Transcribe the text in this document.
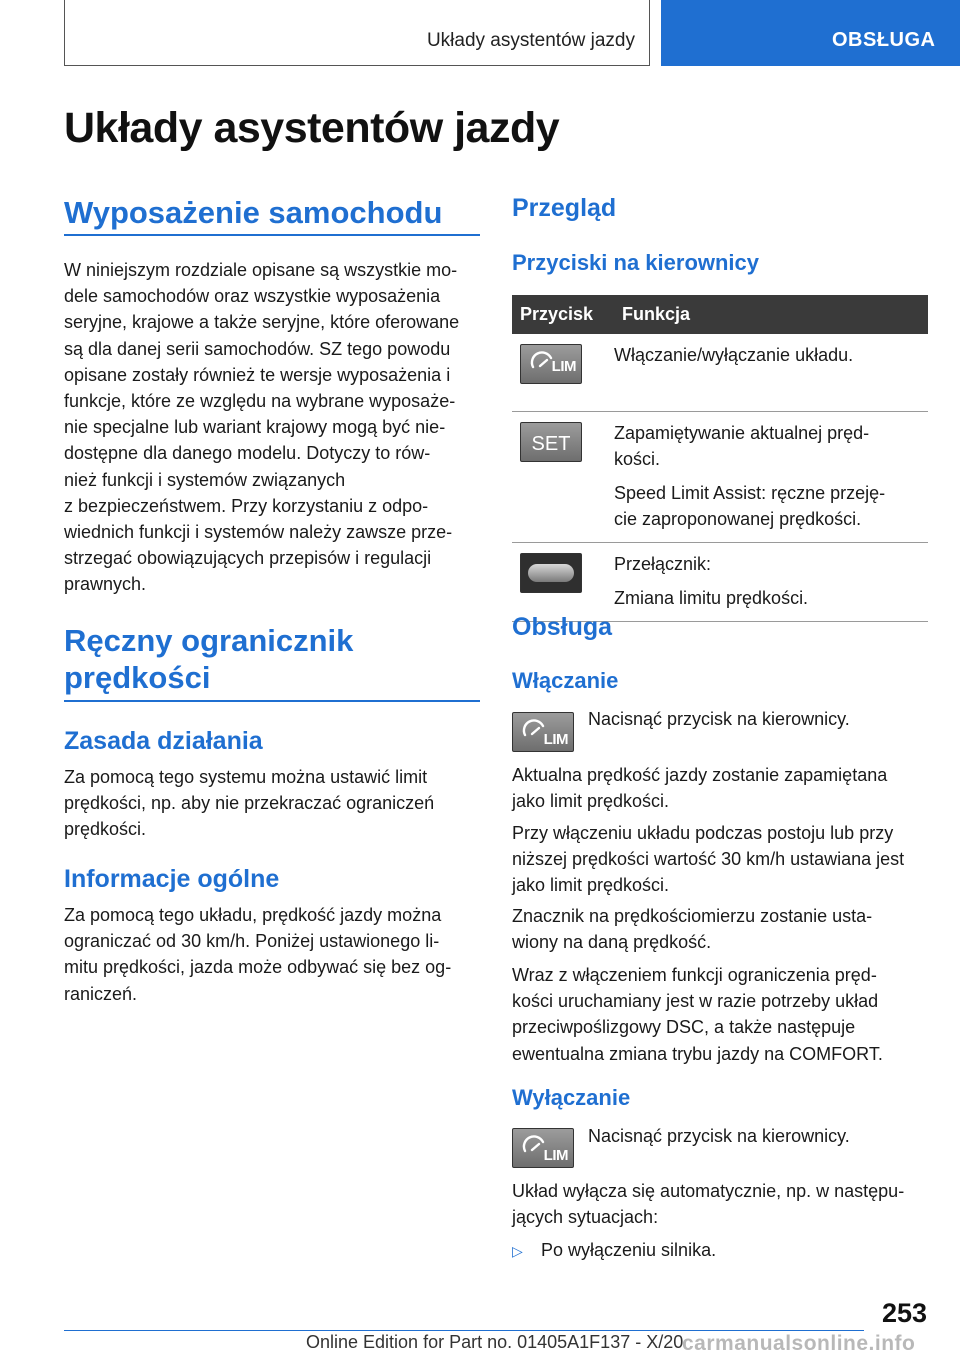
Układy asystentów jazdy	OBSŁUGA
Układy asystentów jazdy
Wyposażenie samochodu
W niniejszym rozdziale opisane są wszystkie mo-
dele samochodów oraz wszystkie wyposażenia
seryjne, krajowe a także seryjne, które oferowane
są dla danej serii samochodów. SZ tego powodu
opisane zostały również te wersje wyposażenia i
funkcje, które ze względu na wybrane wyposaże-
nie specjalne lub wariant krajowy mogą być nie-
dostępne dla danego modelu. Dotyczy to rów-
nież funkcji i systemów związanych
z bezpieczeństwem. Przy korzystaniu z odpo-
wiednich funkcji i systemów należy zawsze prze-
strzegać obowiązujących przepisów i regulacji
prawnych.
Ręczny ogranicznik
prędkości
Zasada działania
Za pomocą tego systemu można ustawić limit
prędkości, np. aby nie przekraczać ograniczeń
prędkości.
Informacje ogólne
Za pomocą tego układu, prędkość jazdy można
ograniczać od 30 km/h. Poniżej ustawionego li-
mitu prędkości, jazda może odbywać się bez og-
raniczeń.
Przegląd
Przyciski na kierownicy
Przycisk	Funkcja

LIM	Włączanie/wyłączanie układu.

SET	Zapamiętywanie aktualnej pręd-
kości.

Speed Limit Assist: ręczne przeję-
cie zaproponowanej prędkości.

	Przełącznik:

Zmiana limitu prędkości.

Obsługa
Włączanie
LIM
Nacisnąć przycisk na kierownicy.
Aktualna prędkość jazdy zostanie zapamiętana
jako limit prędkości.
Przy włączeniu układu podczas postoju lub przy
niższej prędkości wartość 30 km/h ustawiana jest
jako limit prędkości.
Znacznik na prędkościomierzu zostanie usta-
wiony na daną prędkość.
Wraz z włączeniem funkcji ograniczenia pręd-
kości uruchamiany jest w razie potrzeby układ
przeciwpoślizgowy DSC, a także następuje
ewentualna zmiana trybu jazdy na COMFORT.
Wyłączanie
LIM
Nacisnąć przycisk na kierownicy.
Układ wyłącza się automatycznie, np. w następu-
jących sytuacjach:
▷ Po wyłączeniu silnika.
253
Online Edition for Part no. 01405A1F137 - X/20
carmanualsonline.info
